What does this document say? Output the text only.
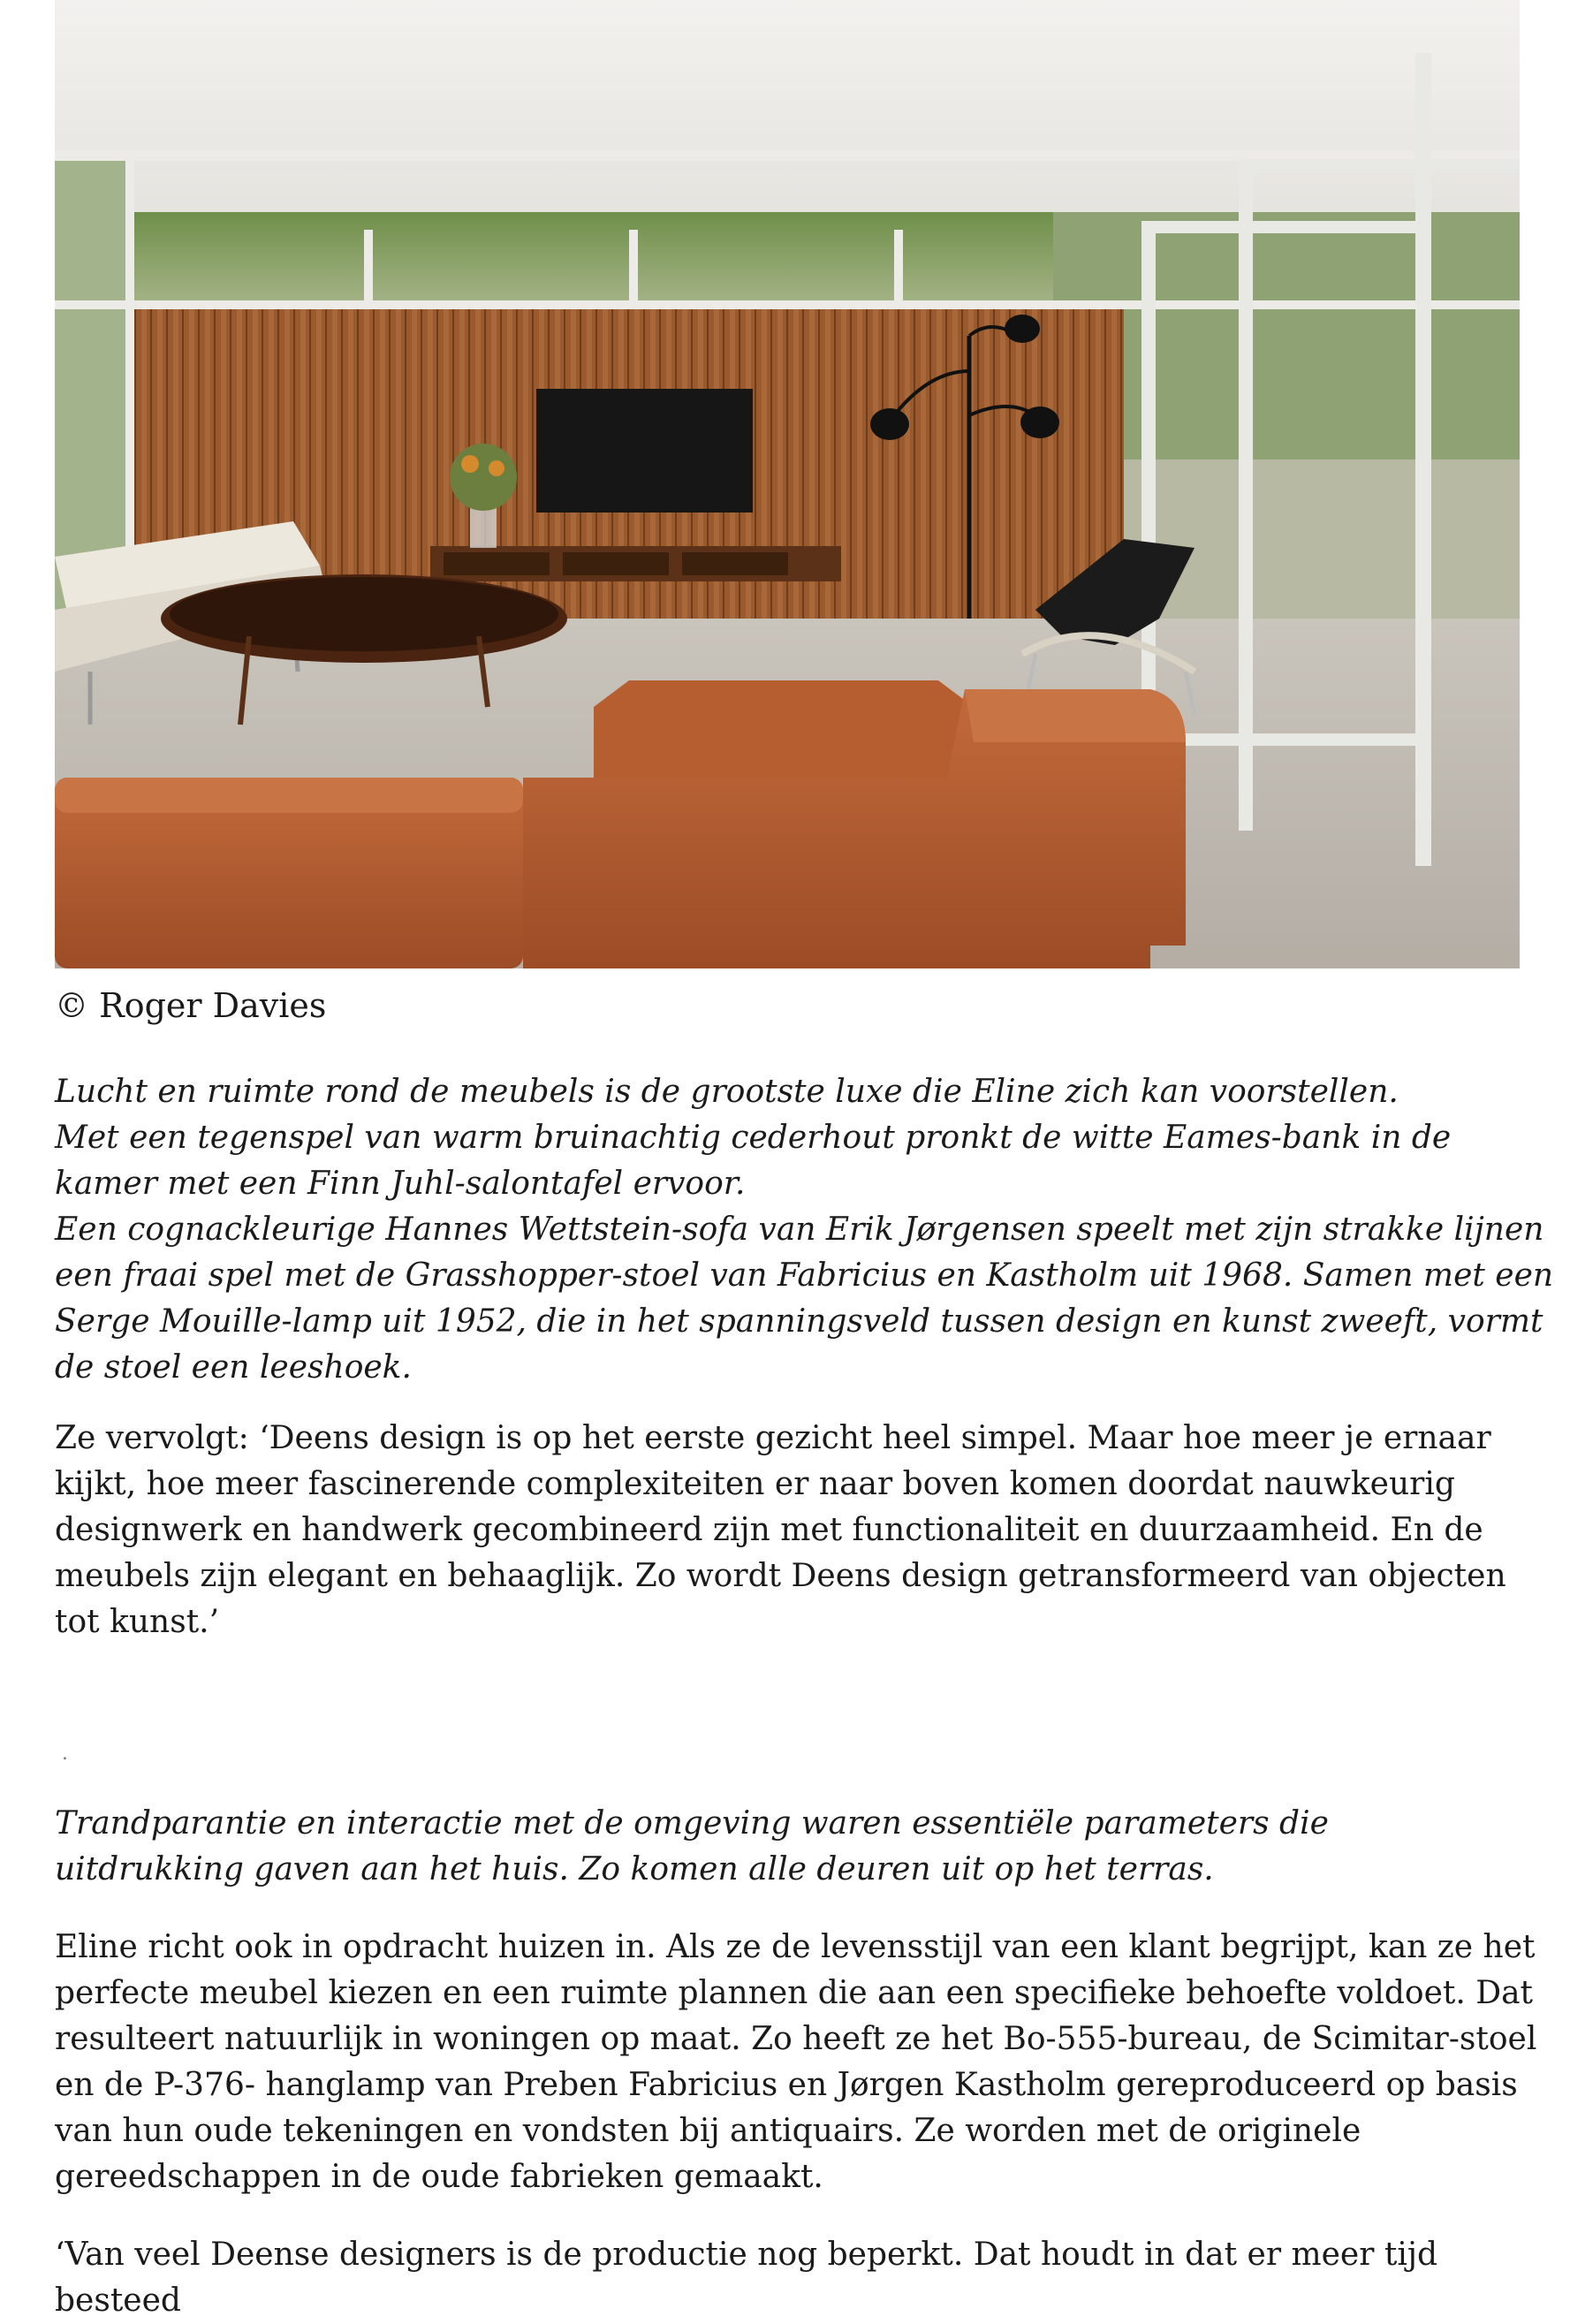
© Roger Davies

Lucht en ruimte rond de meubels is de grootste luxe die Eline zich kan voorstellen.

Met een tegenspel van warm bruinachtig cederhout pronkt de witte Eames-bank in de kamer met een Finn Juhl-salontafel ervoor.

Een cognackleurige Hannes Wettstein-sofa van Erik Jørgensen speelt met zijn strakke lijnen een fraai spel met de Grasshopper-stoel van Fabricius en Kastholm uit 1968. Samen met een Serge Mouille-lamp uit 1952, die in het spanningsveld tussen design en kunst zweeft, vormt de stoel een leeshoek.

Ze vervolgt: ‘Deens design is op het eerste gezicht heel simpel. Maar hoe meer je ernaar kijkt, hoe meer fascinerende complexiteiten er naar boven komen doordat nauwkeurig designwerk en handwerk gecombineerd zijn met functionaliteit en duurzaamheid. En de meubels zijn elegant en behaaglijk. Zo wordt Deens design getransformeerd van objecten tot kunst.’

.

Trandparantie en interactie met de omgeving waren essentiële parameters die

uitdrukking gaven aan het huis. Zo komen alle deuren uit op het terras.

Eline richt ook in opdracht huizen in. Als ze de levensstijl van een klant begrijpt, kan ze het perfecte meubel kiezen en een ruimte plannen die aan een specifieke behoefte voldoet. Dat resulteert natuurlijk in woningen op maat. Zo heeft ze het Bo-555-bureau, de Scimitar-stoel en de P-376- hanglamp van Preben Fabricius en Jørgen Kastholm gereproduceerd op basis van hun oude tekeningen en vondsten bij antiquairs. Ze worden met de originele gereedschappen in de oude fabrieken gemaakt.

‘Van veel Deense designers is de productie nog beperkt. Dat houdt in dat er meer tijd besteed
